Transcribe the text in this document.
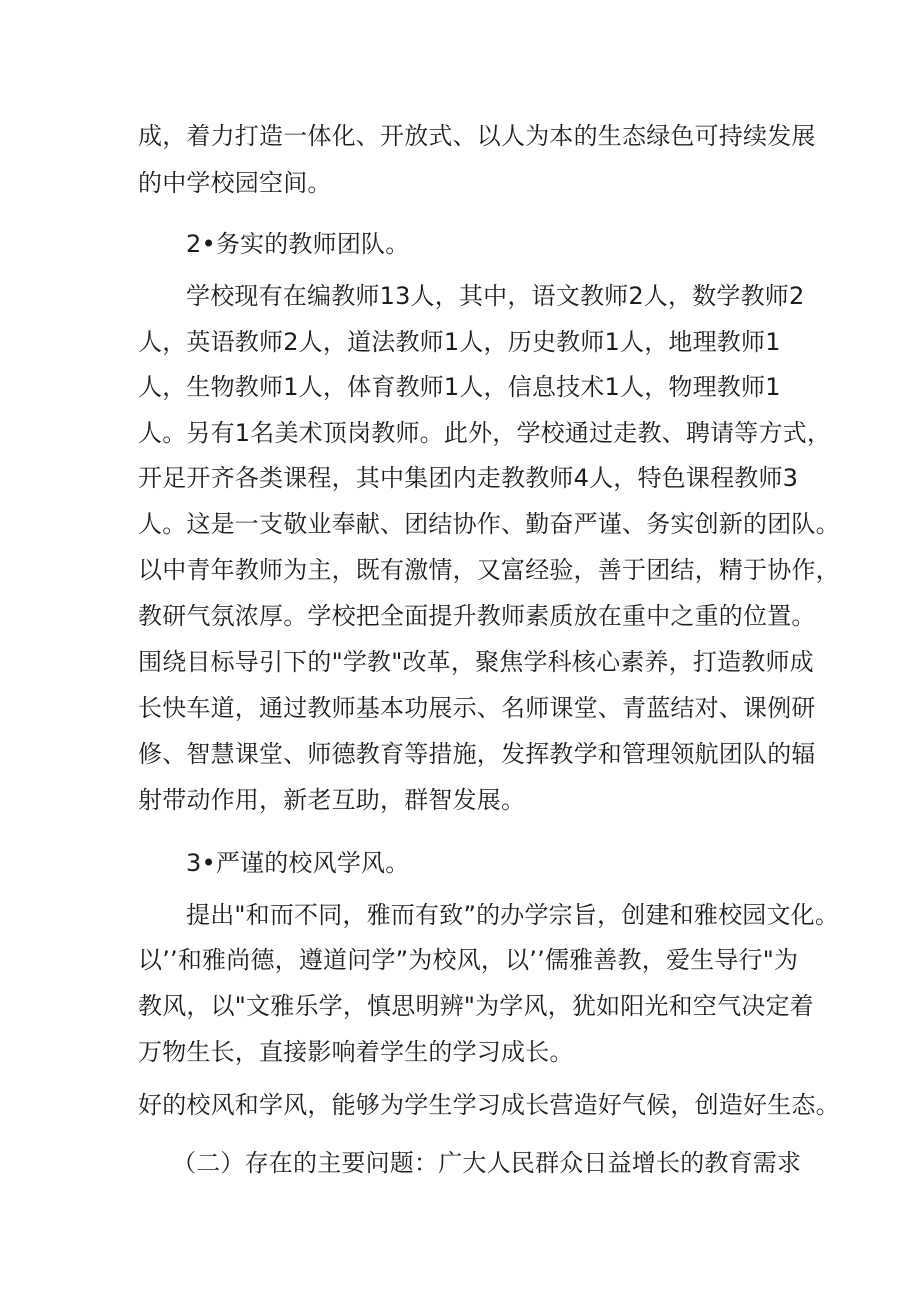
成，着力打造一体化、开放式、以人为本的生态绿色可持续发展
的中学校园空间。
2•务实的教师团队。
学校现有在编教师13人，其中，语文教师2人，数学教师2
人，英语教师2人，道法教师1人，历史教师1人，地理教师1
人，生物教师1人，体育教师1人，信息技术1人，物理教师1
人。另有1名美术顶岗教师。此外，学校通过走教、聘请等方式，
开足开齐各类课程，其中集团内走教教师4人，特色课程教师3
人。这是一支敬业奉献、团结协作、勤奋严谨、务实创新的团队。
以中青年教师为主，既有激情，又富经验，善于团结，精于协作，
教研气氛浓厚。学校把全面提升教师素质放在重中之重的位置。
围绕目标导引下的"学教"改革，聚焦学科核心素养，打造教师成
长快车道，通过教师基本功展示、名师课堂、青蓝结对、课例研
修、智慧课堂、师德教育等措施，发挥教学和管理领航团队的辐
射带动作用，新老互助，群智发展。
3•严谨的校风学风。
提出"和而不同，雅而有致”的办学宗旨，创建和雅校园文化。
以’’和雅尚德，遵道问学”为校风，以’’儒雅善教，爱生导行"为
教风，以"文雅乐学，慎思明辨"为学风，犹如阳光和空气决定着
万物生长，直接影响着学生的学习成长。
好的校风和学风，能够为学生学习成长营造好气候，创造好生态。
（二）存在的主要问题：广大人民群众日益增长的教育需求
